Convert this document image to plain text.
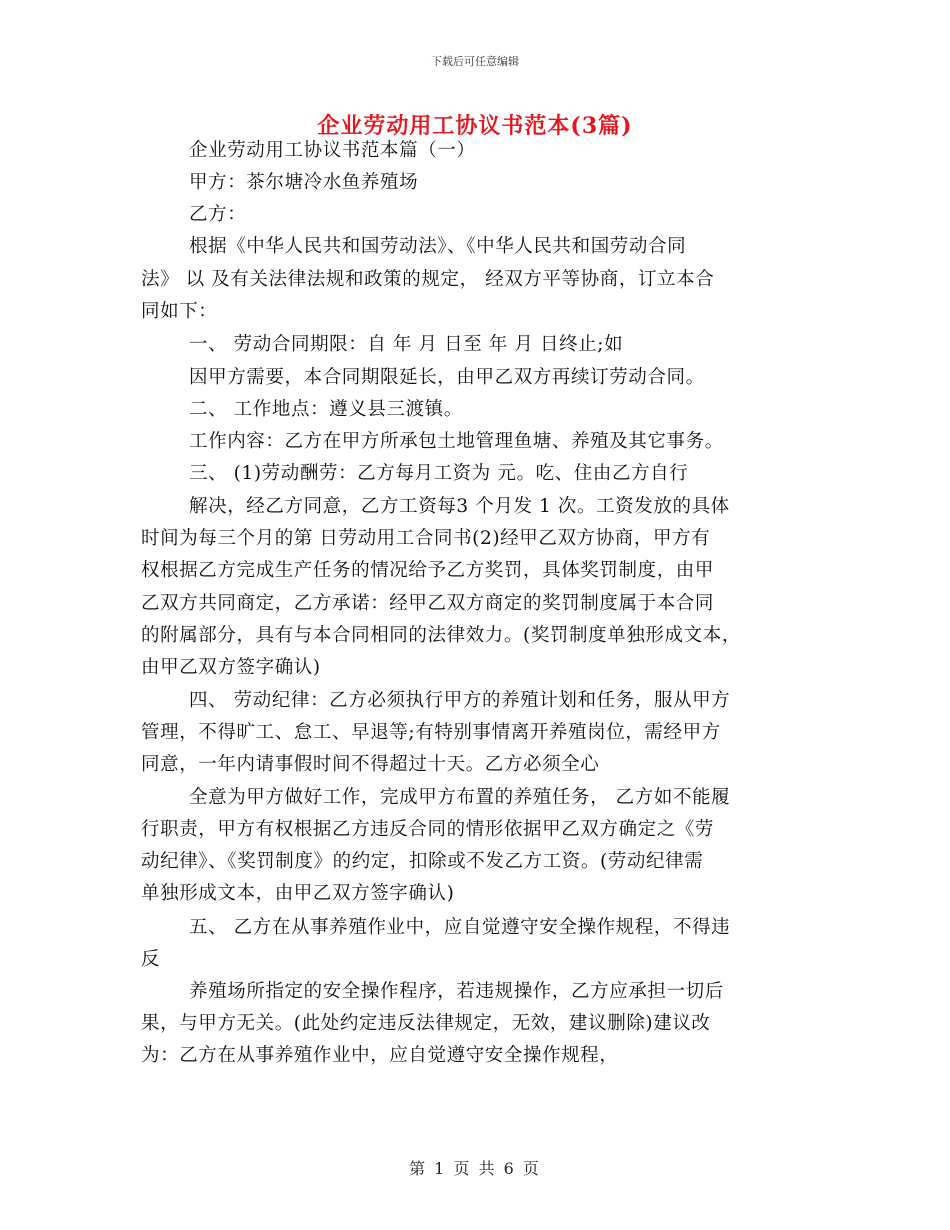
下载后可任意编辑
企业劳动用工协议书范本(3篇)
企业劳动用工协议书范本篇（一）
甲方：茶尔塘冷水鱼养殖场
乙方：
根据《中华人民共和国劳动法》、《中华人民共和国劳动合同
法》 以 及有关法律法规和政策的规定， 经双方平等协商，订立本合
同如下：
一、 劳动合同期限：自 年 月 日至 年 月 日终止;如
因甲方需要，本合同期限延长，由甲乙双方再续订劳动合同。
二、 工作地点：遵义县三渡镇。
工作内容：乙方在甲方所承包土地管理鱼塘、养殖及其它事务。
三、 (1)劳动酬劳：乙方每月工资为 元。吃、住由乙方自行
解决，经乙方同意，乙方工资每3 个月发 1 次。工资发放的具体
时间为每三个月的第 日劳动用工合同书(2)经甲乙双方协商，甲方有
权根据乙方完成生产任务的情况给予乙方奖罚，具体奖罚制度，由甲
乙双方共同商定，乙方承诺：经甲乙双方商定的奖罚制度属于本合同
的附属部分，具有与本合同相同的法律效力。(奖罚制度单独形成文本，
由甲乙双方签字确认)
四、 劳动纪律：乙方必须执行甲方的养殖计划和任务，服从甲方
管理，不得旷工、怠工、早退等;有特别事情离开养殖岗位，需经甲方
同意，一年内请事假时间不得超过十天。乙方必须全心
全意为甲方做好工作，完成甲方布置的养殖任务， 乙方如不能履
行职责，甲方有权根据乙方违反合同的情形依据甲乙双方确定之《劳
动纪律》、《奖罚制度》的约定，扣除或不发乙方工资。(劳动纪律需
单独形成文本，由甲乙双方签字确认)
五、 乙方在从事养殖作业中，应自觉遵守安全操作规程，不得违
反
养殖场所指定的安全操作程序，若违规操作，乙方应承担一切后
果，与甲方无关。(此处约定违反法律规定，无效，建议删除)建议改
为：乙方在从事养殖作业中，应自觉遵守安全操作规程，
第 1 页 共 6 页
